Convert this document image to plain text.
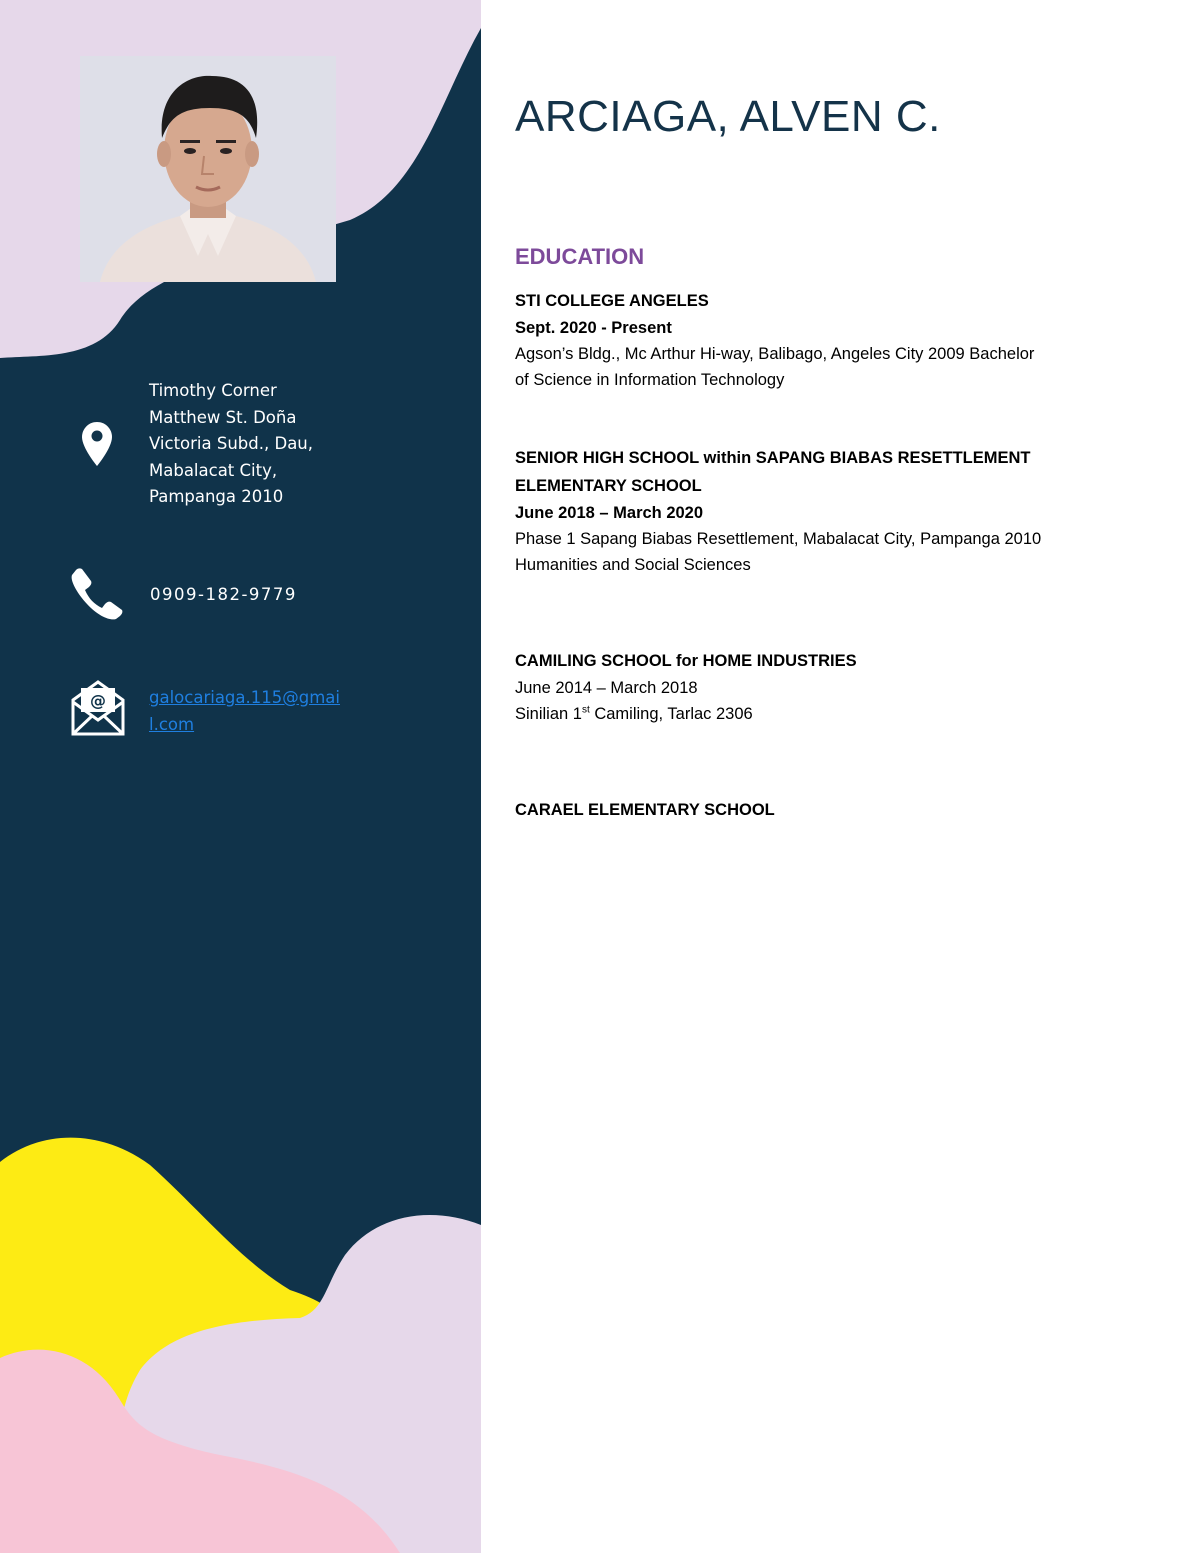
Timothy Corner
Matthew St. Doña
Victoria Subd., Dau,
Mabalacat City,
Pampanga 2010
0909-182-9779
@	galocariaga.115@gmai
l.com
ARCIAGA, ALVEN C.
EDUCATION
STI COLLEGE ANGELES
Sept. 2020 - Present
Agson’s Bldg., Mc Arthur Hi-way, Balibago, Angeles City 2009 Bachelor
of Science in Information Technology
SENIOR HIGH SCHOOL within SAPANG BIABAS RESETTLEMENT
ELEMENTARY SCHOOL
June 2018 – March 2020
Phase 1 Sapang Biabas Resettlement, Mabalacat City, Pampanga 2010
Humanities and Social Sciences
CAMILING SCHOOL for HOME INDUSTRIES
June 2014 – March 2018
Sinilian 1st Camiling, Tarlac 2306
CARAEL ELEMENTARY SCHOOL
